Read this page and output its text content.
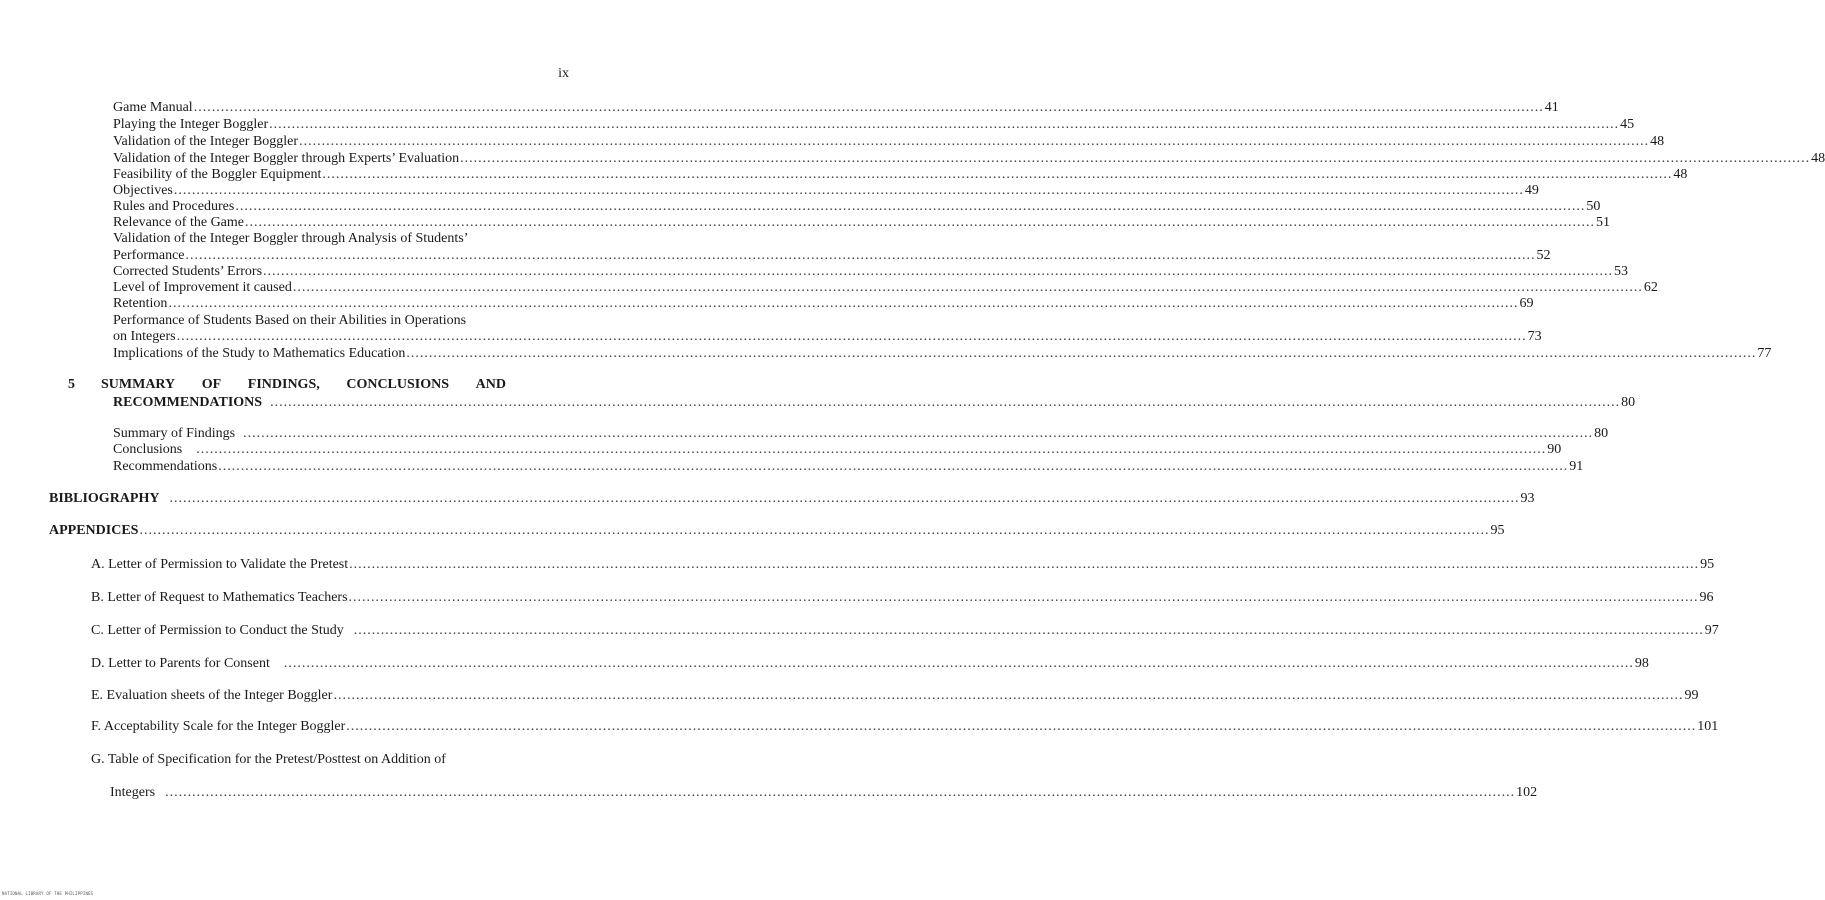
ix
Game Manual ............................................................................................................................................................................................................................................................................................................ 41
Playing the Integer Boggler ............................................................................................................................................................................................................................................................................................................ 45
Validation of the Integer Boggler ............................................................................................................................................................................................................................................................................................................ 48
Validation of the Integer Boggler through Experts’ Evaluation ............................................................................................................................................................................................................................................................................................................ 48
Feasibility of the Boggler Equipment ............................................................................................................................................................................................................................................................................................................ 48
Objectives ............................................................................................................................................................................................................................................................................................................ 49
Rules and Procedures ............................................................................................................................................................................................................................................................................................................ 50
Relevance of the Game ............................................................................................................................................................................................................................................................................................................ 51
Validation of the Integer Boggler through Analysis of Students’
Performance ............................................................................................................................................................................................................................................................................................................ 52
Corrected Students’ Errors ............................................................................................................................................................................................................................................................................................................ 53
Level of Improvement it caused ............................................................................................................................................................................................................................................................................................................ 62
Retention ............................................................................................................................................................................................................................................................................................................ 69
Performance of Students Based on their Abilities in Operations
on Integers ............................................................................................................................................................................................................................................................................................................ 73
Implications of the Study to Mathematics Education ............................................................................................................................................................................................................................................................................................................ 77
5 SUMMARY OF FINDINGS, CONCLUSIONS AND
RECOMMENDATIONS ............................................................................................................................................................................................................................................................................................................ 80
Summary of Findings ............................................................................................................................................................................................................................................................................................................ 80
Conclusions ............................................................................................................................................................................................................................................................................................................ 90
Recommendations ............................................................................................................................................................................................................................................................................................................ 91
BIBLIOGRAPHY ............................................................................................................................................................................................................................................................................................................ 93
APPENDICES ............................................................................................................................................................................................................................................................................................................ 95
A. Letter of Permission to Validate the Pretest ............................................................................................................................................................................................................................................................................................................ 95
B. Letter of Request to Mathematics Teachers ............................................................................................................................................................................................................................................................................................................ 96
C. Letter of Permission to Conduct the Study ............................................................................................................................................................................................................................................................................................................ 97
D. Letter to Parents for Consent ............................................................................................................................................................................................................................................................................................................ 98
E. Evaluation sheets of the Integer Boggler ............................................................................................................................................................................................................................................................................................................ 99
F. Acceptability Scale for the Integer Boggler ............................................................................................................................................................................................................................................................................................................ 101
G. Table of Specification for the Pretest/Posttest on Addition of
Integers ............................................................................................................................................................................................................................................................................................................ 102
NATIONAL LIBRARY OF THE PHILIPPINES
